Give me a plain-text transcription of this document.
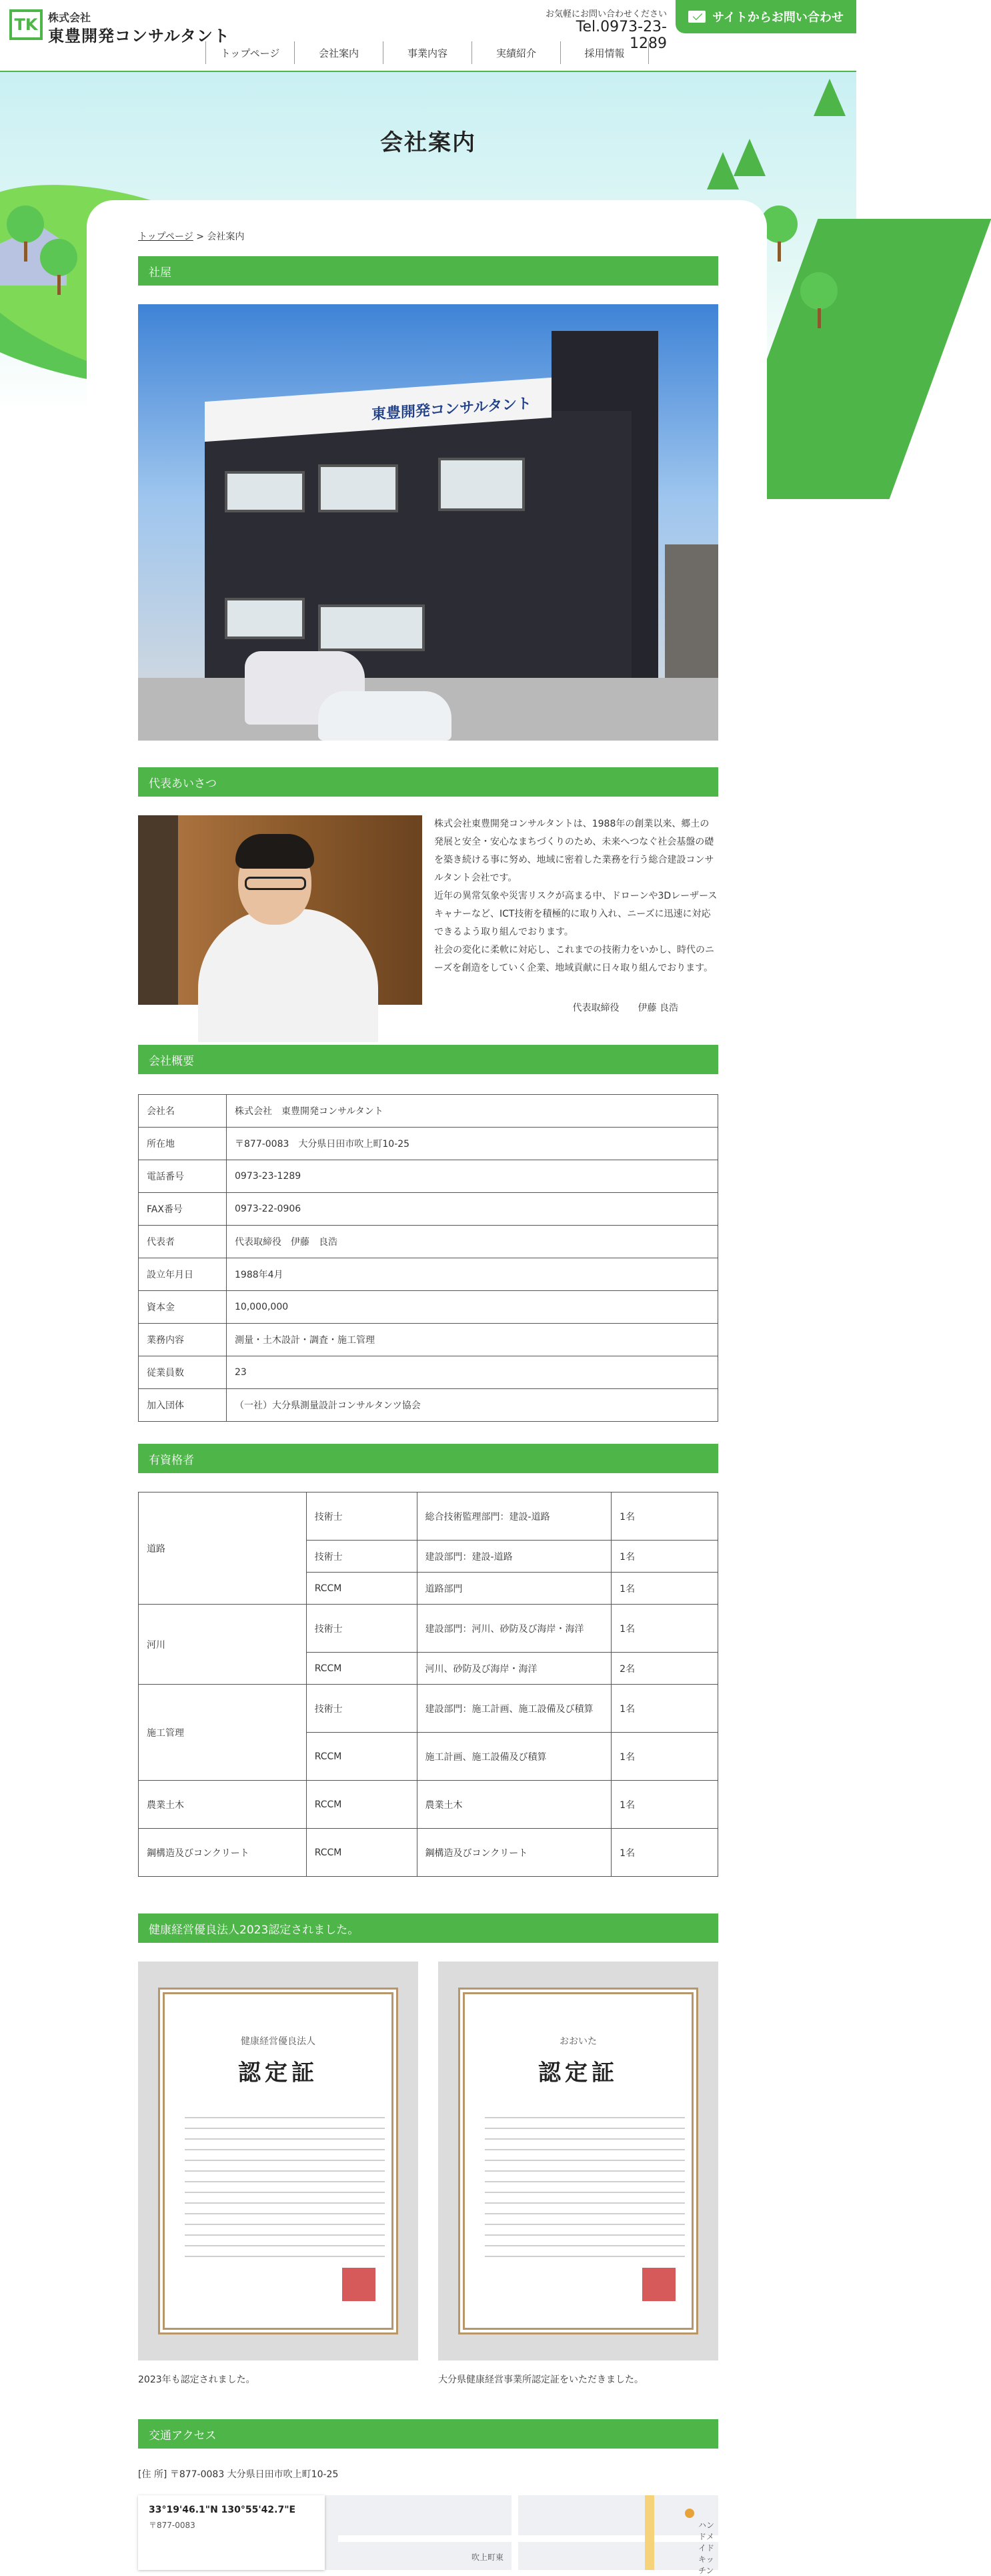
TK 株式会社
東豊開発コンサルタント
お気軽にお問い合わせください
Tel.0973-23-1289
サイトからお問い合わせ
トップページ	会社案内	事業内容	実績紹介	採用情報
会社案内
トップページ > 会社案内
社屋
東豊開発コンサルタント
代表あいさつ

株式会社東豊開発コンサルタントは、1988年の創業以来、郷土の発展と安全・安心なまちづくりのため、未来へつなぐ社会基盤の礎を築き続ける事に努め、地域に密着した業務を行う総合建設コンサルタント会社です。

近年の異常気象や災害リスクが高まる中、ドローンや3Dレーザースキャナーなど、ICT技術を積極的に取り入れ、ニーズに迅速に対応できるよう取り組んでおります。

社会の変化に柔軟に対応し、これまでの技術力をいかし、時代のニーズを創造をしていく企業、地域貢献に日々取り組んでおります。

代表取締役　　伊藤 良浩
会社概要
会社名	株式会社　東豊開発コンサルタント
所在地	〒877-0083　大分県日田市吹上町10-25
電話番号	0973-23-1289
FAX番号	0973-22-0906
代表者	代表取締役　伊藤　良浩
設立年月日	1988年4月
資本金	10,000,000
業務内容	測量・土木設計・調査・施工管理
従業員数	23
加入団体	（一社）大分県測量設計コンサルタンツ協会
有資格者
道路	技術士	総合技術監理部門：建設-道路	1名
	技術士	建設部門：建設-道路	1名
	RCCM	道路部門	1名
河川	技術士	建設部門：河川、砂防及び海岸・海洋	1名
	RCCM	河川、砂防及び海岸・海洋	2名
施工管理	技術士	建設部門：施工計画、施工設備及び積算	1名
	RCCM	施工計画、施工設備及び積算	1名
農業土木	RCCM	農業土木	1名
鋼構造及びコンクリート	RCCM	鋼構造及びコンクリート	1名
健康経営優良法人2023認定されました。
健康経営優良法人
認定証
おおいた
認定証
2023年も認定されました。	大分県健康経営事業所認定証をいただきました。
交通アクセス
[住 所] 〒877-0083 大分県日田市吹上町10-25
吹上町東
ハンドメイドキッチン
33°19'46.1"N 130°55'42.7"E
〒877-0083
